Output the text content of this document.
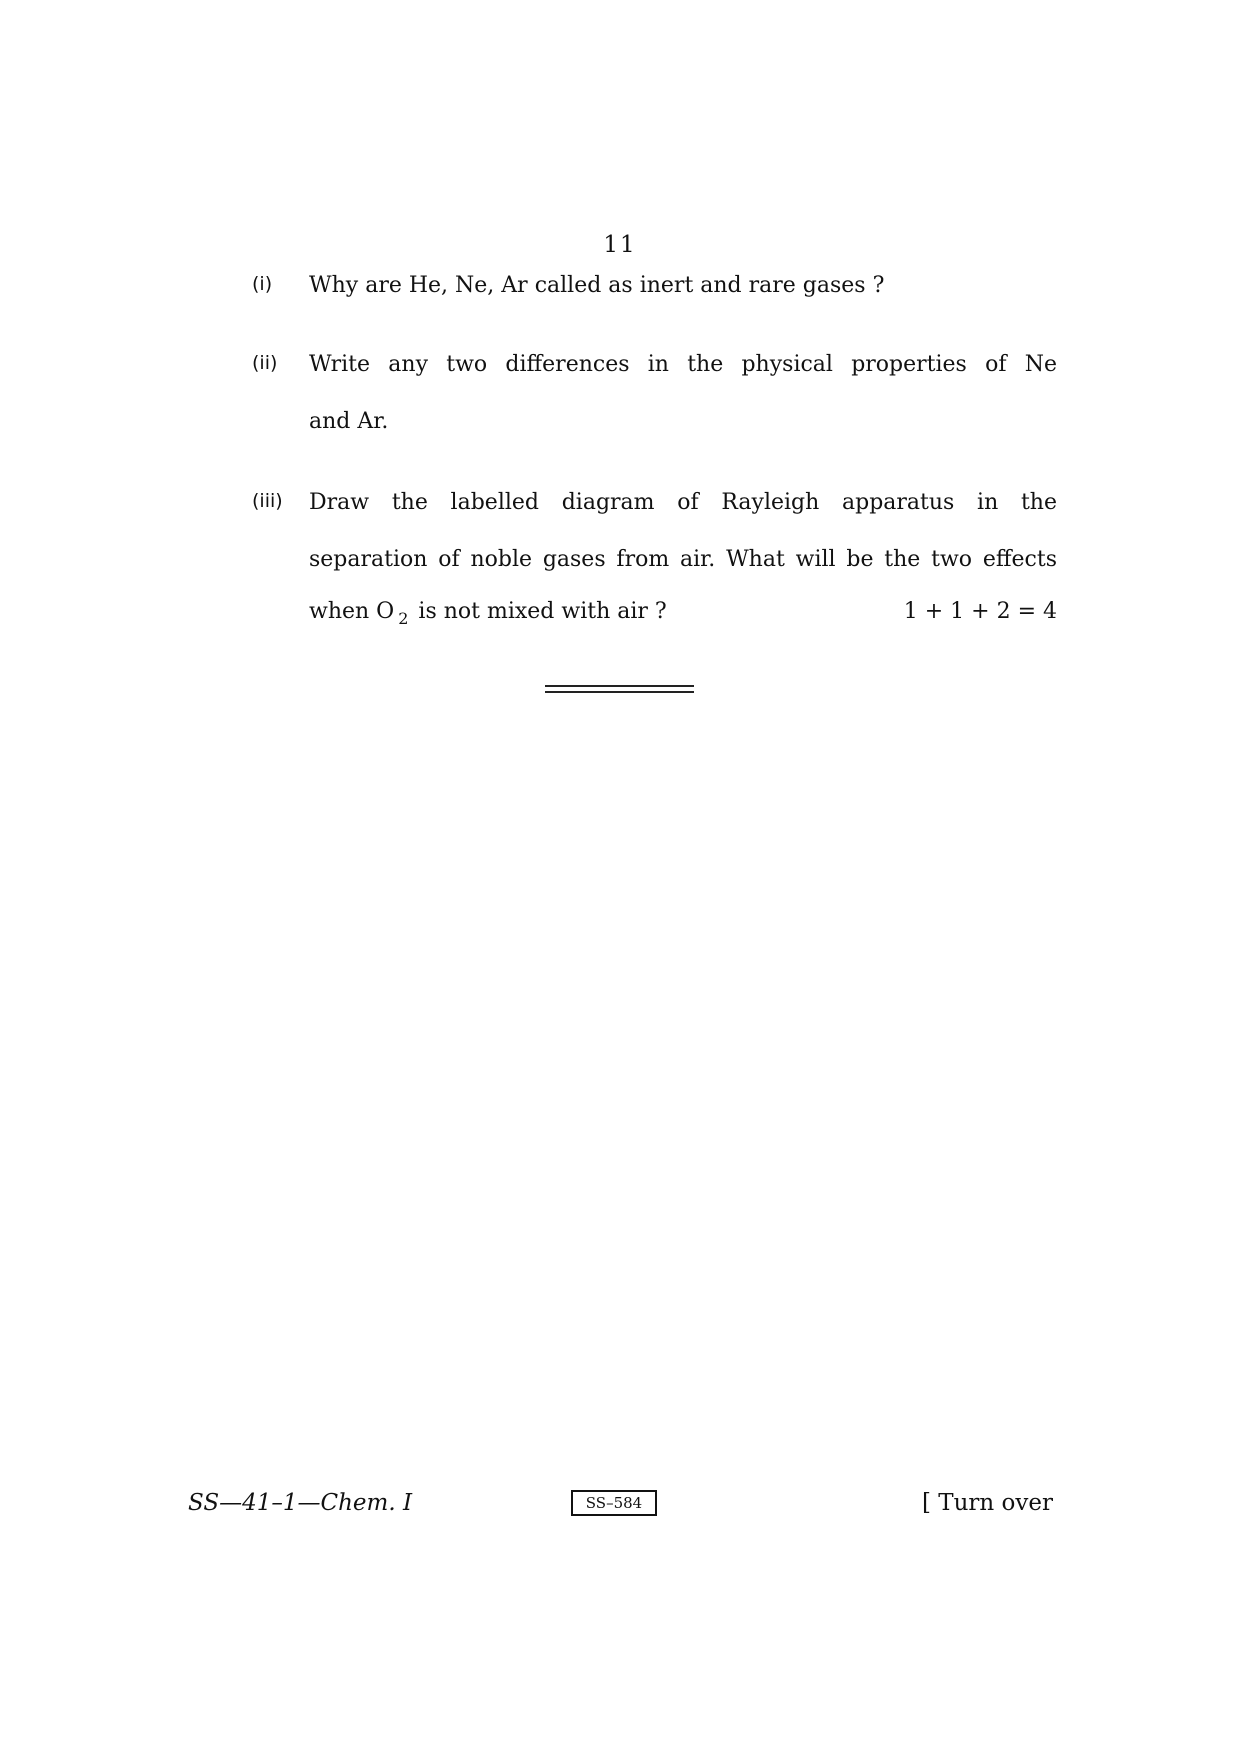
11
(i) Why are He, Ne, Ar called as inert and rare gases ?
(ii) Write any two differences in the physical properties of Ne
and Ar.
(iii) Draw the labelled diagram of Rayleigh apparatus in the
separation of noble gases from air. What will be the two effects
when O $_2$ is not mixed with air ?	1 + 1 + 2 = 4
SS—41–1—Chem. I	SS–584	[ Turn over
